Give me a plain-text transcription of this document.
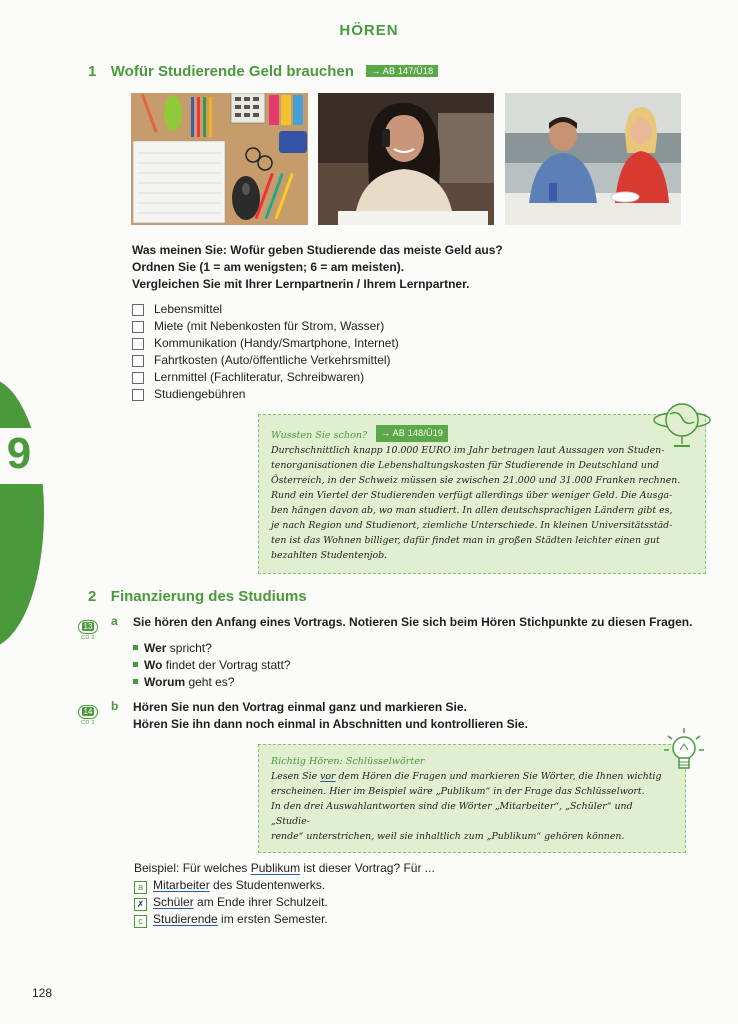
HÖREN
1 Wofür Studierende Geld brauchen → AB 147/Ü18
Was meinen Sie: Wofür geben Studierende das meiste Geld aus?
Ordnen Sie (1 = am wenigsten; 6 = am meisten).
Vergleichen Sie mit Ihrer Lernpartnerin / Ihrem Lernpartner.
Lebensmittel
Miete (mit Nebenkosten für Strom, Wasser)
Kommunikation (Handy/Smartphone, Internet)
Fahrtkosten (Auto/öffentliche Verkehrsmittel)
Lernmittel (Fachliteratur, Schreibwaren)
Studiengebühren
9	Wussten Sie schon? → AB 148/Ü19
Durchschnittlich knapp 10.000 EURO im Jahr betragen laut Aussagen von Studen-
tenorganisationen die Lebenshaltungskosten für Studierende in Deutschland und
Österreich, in der Schweiz müssen sie zwischen 21.000 und 31.000 Franken rechnen.
Rund ein Viertel der Studierenden verfügt allerdings über weniger Geld. Die Ausga-
ben hängen davon ab, wo man studiert. In allen deutschsprachigen Ländern gibt es,
je nach Region und Studienort, ziemliche Unterschiede. In kleinen Universitätsstäd-
ten ist das Wohnen billiger, dafür findet man in großen Städten leichter einen gut
bezahlten Studentenjob.
2 Finanzierung des Studiums
13
CD 2
a Sie hören den Anfang eines Vortrags. Notieren Sie sich beim Hören Stichpunkte zu diesen Fragen.
Wer spricht?
Wo findet der Vortrag statt?
Worum geht es?
14
CD 2
b Hören Sie nun den Vortrag einmal ganz und markieren Sie.
Hören Sie ihn dann noch einmal in Abschnitten und kontrollieren Sie.
Richtig Hören: Schlüsselwörter
Lesen Sie vor dem Hören die Fragen und markieren Sie Wörter, die Ihnen wichtig
erscheinen. Hier im Beispiel wäre „Publikum“ in der Frage das Schlüsselwort.
In den drei Auswahlantworten sind die Wörter „Mitarbeiter“, „Schüler“ und „Studie-
rende“ unterstrichen, weil sie inhaltlich zum „Publikum“ gehören können.
Beispiel: Für welches Publikum ist dieser Vortrag? Für ...
a Mitarbeiter des Studentenwerks.
✗ Schüler am Ende ihrer Schulzeit.
c Studierende im ersten Semester.
128
